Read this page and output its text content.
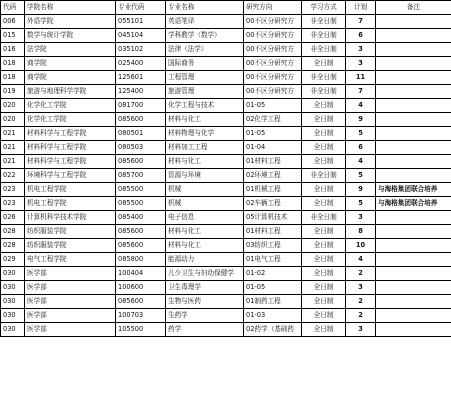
代码	学院名称	专业代码	专业名称	研究方向	学习方式	计划	备注
006	外语学院	055101	英语笔译	00不区分研究方	非全日制	7	
015	数学与统计学院	045104	学科教学（数学）	00不区分研究方	非全日制	6	
016	法学院	035102	法律（法学）	00不区分研究方	非全日制	3	
018	商学院	025400	国际商务	00不区分研究方	全日制	3	
018	商学院	125601	工程管理	00不区分研究方	非全日制	11	
019	旅游与地理科学学院	125400	旅游管理	00不区分研究方	非全日制	7	
020	化学化工学院	081700	化学工程与技术	01-05	全日制	4	
020	化学化工学院	085600	材料与化工	02化学工程	全日制	9	
021	材料科学与工程学院	080501	材料物理与化学	01-05	全日制	5	
021	材料科学与工程学院	080503	材料加工工程	01-04	全日制	6	
021	材料科学与工程学院	085600	材料与化工	01材料工程	全日制	4	
022	环境科学与工程学院	085700	资源与环境	02环境工程	非全日制	5	
023	机电工程学院	085500	机械	01机械工程	全日制	9	与海格集团联合培养
023	机电工程学院	085500	机械	02车辆工程	全日制	5	与海格集团联合培养
026	计算机科学技术学院	085400	电子信息	05计算机技术	非全日制	3	
028	纺织服装学院	085600	材料与化工	01材料工程	全日制	8	
028	纺织服装学院	085600	材料与化工	03纺织工程	全日制	10	
029	电气工程学院	085800	能源动力	01电气工程	全日制	4	
030	医学部	100404	儿少卫生与妇幼保健学	01-02	全日制	2	
030	医学部	100600	卫生毒理学	01-05	全日制	3	
030	医学部	085600	生物与医药	01制药工程	全日制	2	
030	医学部	100703	生药学	01-03	全日制	2	
030	医学部	105500	药学	02药学（基础药	全日制	3	
